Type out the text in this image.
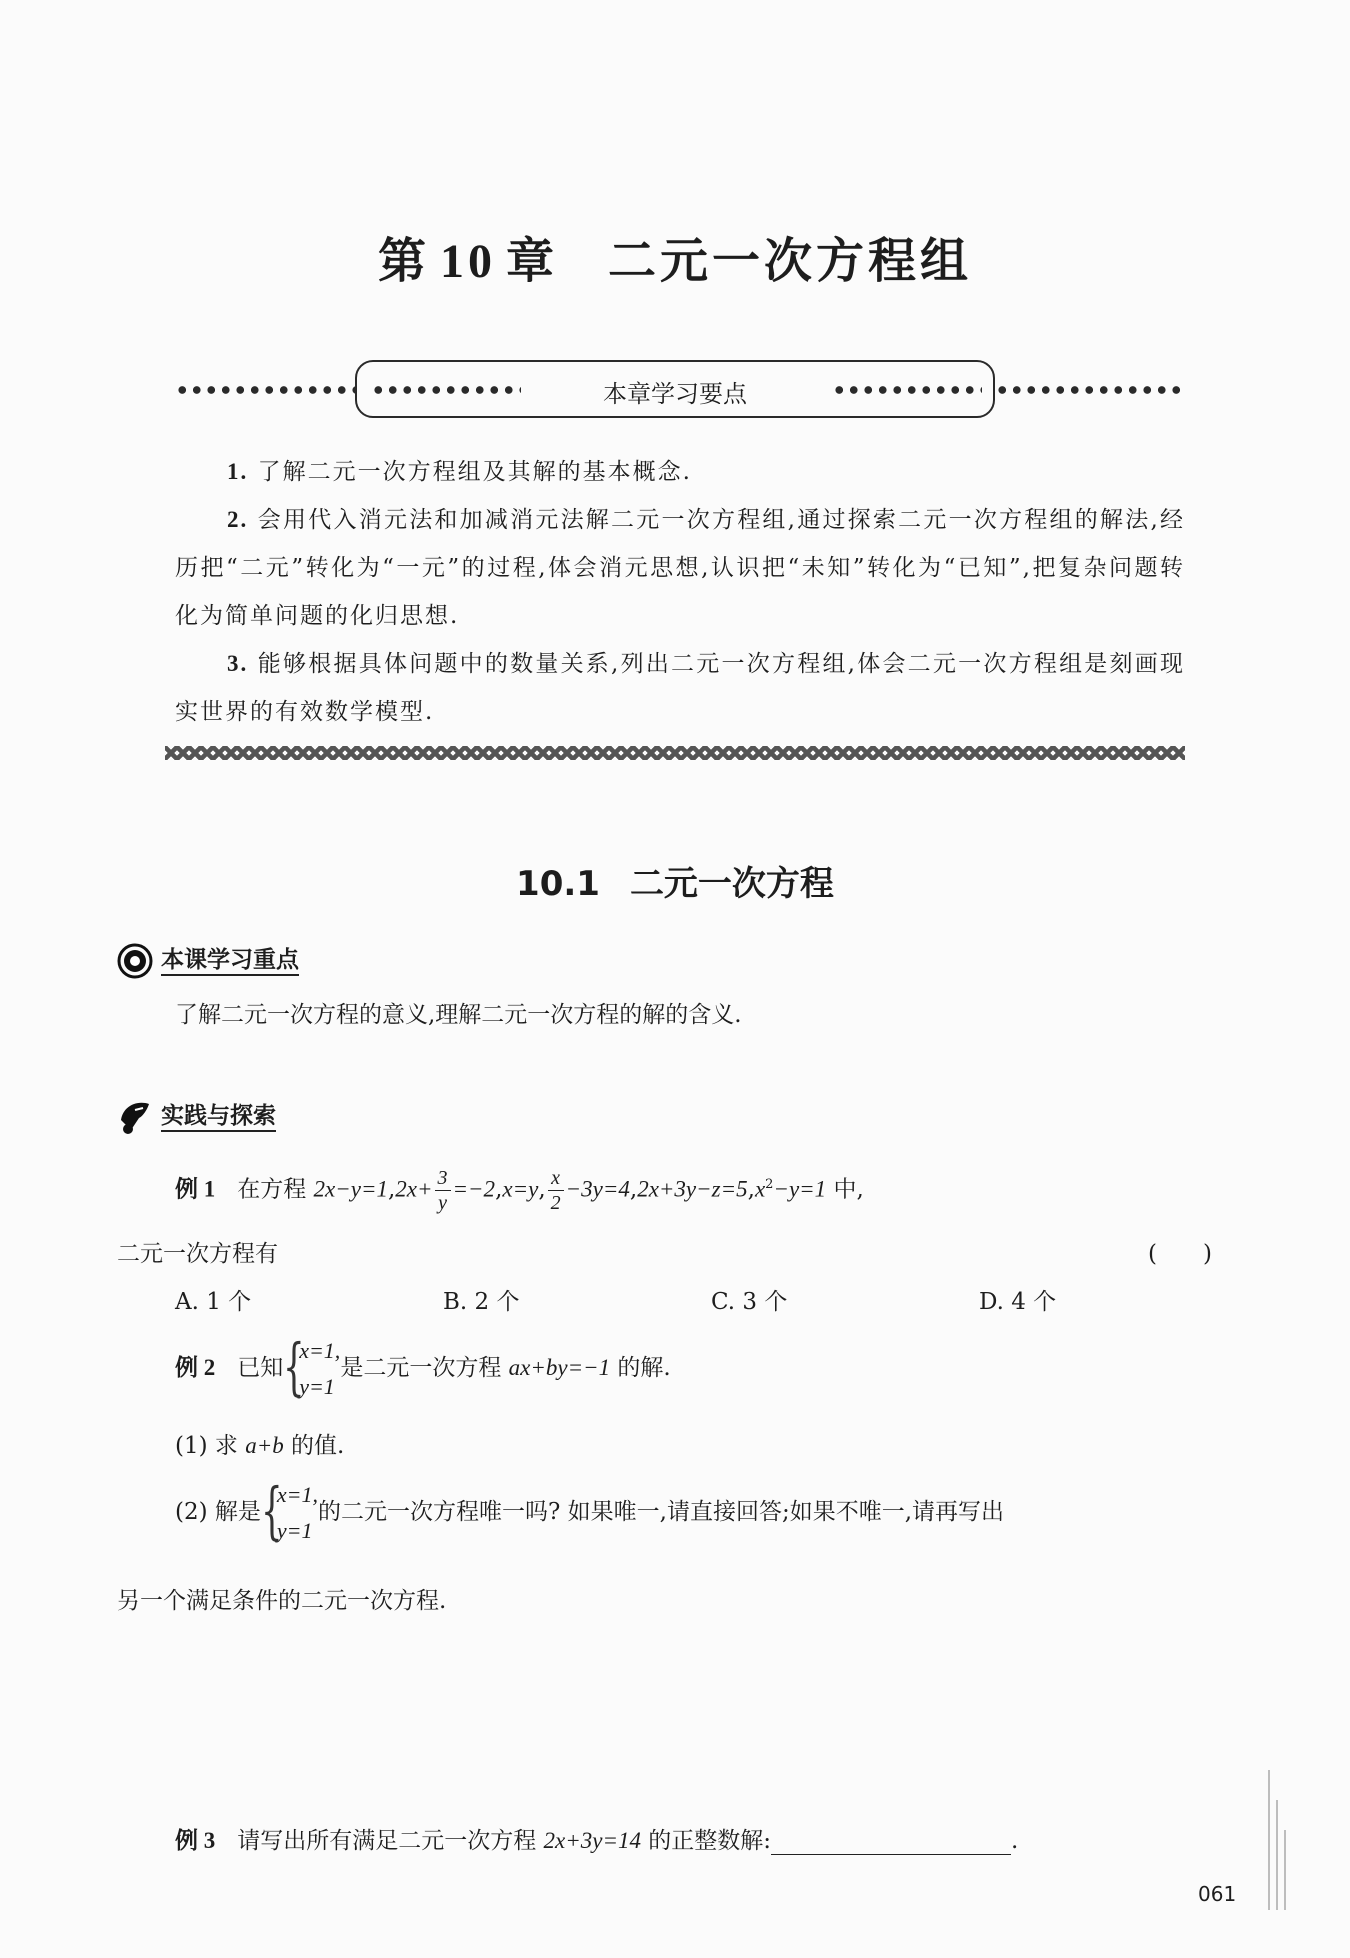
第 10 章 二元一次方程组
本章学习要点

1. 了解二元一次方程组及其解的基本概念.

2. 会用代入消元法和加减消元法解二元一次方程组,通过探索二元一次方程组的解法,经历把“二元”转化为“一元”的过程,体会消元思想,认识把“未知”转化为“已知”,把复杂问题转化为简单问题的化归思想.

3. 能够根据具体问题中的数量关系,列出二元一次方程组,体会二元一次方程组是刻画现实世界的有效数学模型.

10.1 二元一次方程
本课学习重点
了解二元一次方程的意义,理解二元一次方程的解的含义.
实践与探索
例 1 在方程 $2x-y=1,2x+ \frac{3}{y} =-2,x=y$, $\frac{x}{2} -3y=4,2x+3y-z=5,x^2-y=1$ 中,
二元一次方程有	(　　)
A. 1 个	B. 2 个	C. 3 个	D. 4 个
例 2 已知 {
x=1,
y=1
是二元一次方程 ax+by=−1 的解.
(1) 求 a+b 的值.
(2) 解是 {
x=1,
y=1
的二元一次方程唯一吗? 如果唯一,请直接回答;如果不唯一,请再写出
另一个满足条件的二元一次方程.
例 3 请写出所有满足二元一次方程 2x+3y=14 的正整数解:	.
061
